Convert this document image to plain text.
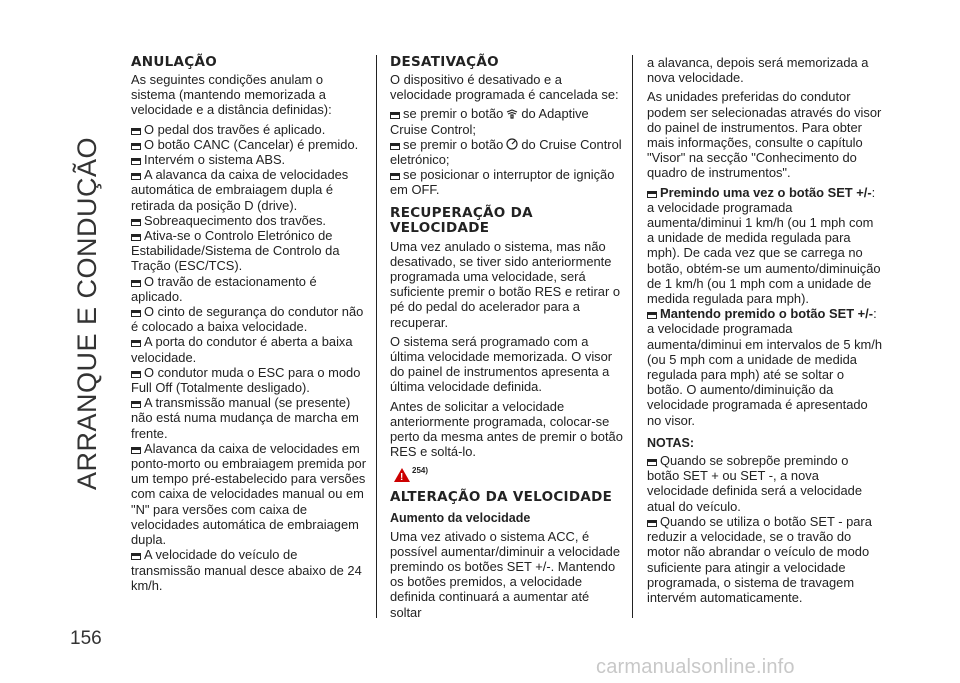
ARRANQUE E CONDUÇÃO
156
ANULAÇÃO

As seguintes condições anulam o sistema (mantendo memorizada a velocidade e a distância definidas):

O pedal dos travões é aplicado.

O botão CANC (Cancelar) é premido.

Intervém o sistema ABS.

A alavanca da caixa de velocidades automática de embraiagem dupla é retirada da posição D (drive).

Sobreaquecimento dos travões.

Ativa-se o Controlo Eletrónico de Estabilidade/Sistema de Controlo da Tração (ESC/TCS).

O travão de estacionamento é aplicado.

O cinto de segurança do condutor não é colocado a baixa velocidade.

A porta do condutor é aberta a baixa velocidade.

O condutor muda o ESC para o modo Full Off (Totalmente desligado).

A transmissão manual (se presente) não está numa mudança de marcha em frente.

Alavanca da caixa de velocidades em ponto-morto ou embraiagem premida por um tempo pré-estabelecido para versões com caixa de velocidades manual ou em "N" para versões com caixa de velocidades automática de embraiagem dupla.

A velocidade do veículo de transmissão manual desce abaixo de 24 km/h.

DESATIVAÇÃO

O dispositivo é desativado e a velocidade programada é cancelada se:

se premir o botão do Adaptive Cruise Control;

se premir o botão do Cruise Control eletrónico;

se posicionar o interruptor de ignição em OFF.

RECUPERAÇÃO DA VELOCIDADE

Uma vez anulado o sistema, mas não desativado, se tiver sido anteriormente programada uma velocidade, será suficiente premir o botão RES e retirar o pé do pedal do acelerador para a recuperar.

O sistema será programado com a última velocidade memorizada. O visor do painel de instrumentos apresenta a última velocidade definida.

Antes de solicitar a velocidade anteriormente programada, colocar-se perto da mesma antes de premir o botão RES e soltá-lo.

!$^{254)}$

ALTERAÇÃO DA VELOCIDADE
Aumento da velocidade

Uma vez ativado o sistema ACC, é possível aumentar/diminuir a velocidade premindo os botões SET +/-. Mantendo os botões premidos, a velocidade definida continuará a aumentar até soltar

a alavanca, depois será memorizada a nova velocidade.

As unidades preferidas do condutor podem ser selecionadas através do visor do painel de instrumentos. Para obter mais informações, consulte o capítulo "Visor" na secção "Conhecimento do quadro de instrumentos".

Premindo uma vez o botão SET +/-: a velocidade programada aumenta/diminui 1 km/h (ou 1 mph com a unidade de medida regulada para mph). De cada vez que se carrega no botão, obtém-se um aumento/diminuição de 1 km/h (ou 1 mph com a unidade de medida regulada para mph).

Mantendo premido o botão SET +/-: a velocidade programada aumenta/diminui em intervalos de 5 km/h (ou 5 mph com a unidade de medida regulada para mph) até se soltar o botão. O aumento/diminuição da velocidade programada é apresentado no visor.

NOTAS:

Quando se sobrepõe premindo o botão SET + ou SET -, a nova velocidade definida será a velocidade atual do veículo.

Quando se utiliza o botão SET - para reduzir a velocidade, se o travão do motor não abrandar o veículo de modo suficiente para atingir a velocidade programada, o sistema de travagem intervém automaticamente.

carmanualsonline.info
